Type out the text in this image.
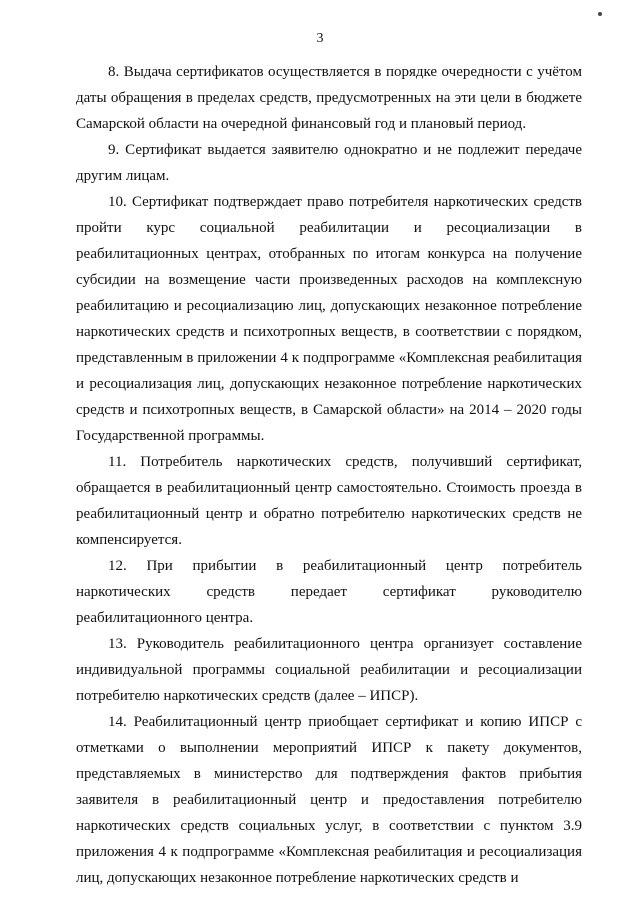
3

8. Выдача сертификатов осуществляется в порядке очередности с учётом даты обращения в пределах средств, предусмотренных на эти цели в бюджете Самарской области на очередной финансовый год и плановый период.

9. Сертификат выдается заявителю однократно и не подлежит передаче другим лицам.

10. Сертификат подтверждает право потребителя наркотических средств пройти курс социальной реабилитации и ресоциализации в реабилитационных центрах, отобранных по итогам конкурса на получение субсидии на возмещение части произведенных расходов на комплексную реабилитацию и ресоциализацию лиц, допускающих незаконное потребление наркотических средств и психотропных веществ, в соответствии с порядком, представленным в приложении 4 к подпрограмме «Комплексная реабилитация и ресоциализация лиц, допускающих незаконное потребление наркотических средств и психотропных веществ, в Самарской области» на 2014 – 2020 годы Государственной программы.

11. Потребитель наркотических средств, получивший сертификат, обращается в реабилитационный центр самостоятельно. Стоимость проезда в реабилитационный центр и обратно потребителю наркотических средств не компенсируется.

12. При прибытии в реабилитационный центр потребитель наркотических средств передает сертификат руководителю реабилитационного центра.

13. Руководитель реабилитационного центра организует составление индивидуальной программы социальной реабилитации и ресоциализации потребителю наркотических средств (далее – ИПСР).

14. Реабилитационный центр приобщает сертификат и копию ИПСР с отметками о выполнении мероприятий ИПСР к пакету документов, представляемых в министерство для подтверждения фактов прибытия заявителя в реабилитационный центр и предоставления потребителю наркотических средств социальных услуг, в соответствии с пунктом 3.9 приложения 4 к подпрограмме «Комплексная реабилитация и ресоциализация лиц, допускающих незаконное потребление наркотических средств и
